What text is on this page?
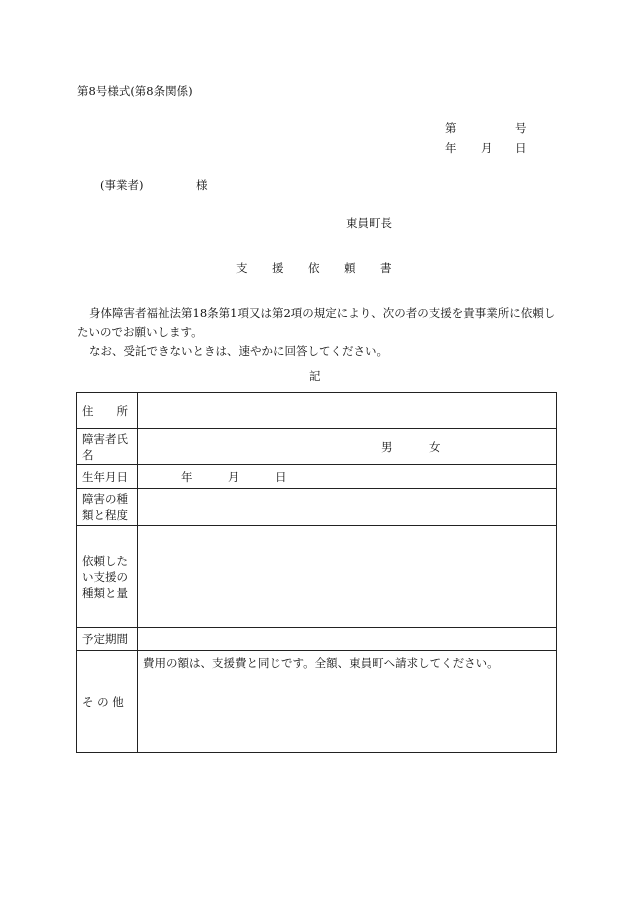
第8号様式(第8条関係)
第	号
年 月 日
(事業者)	様
東員町長
支 援 依 頼 書

身体障害者福祉法第18条第1項又は第2項の規定により、次の者の支援を貴事業所に依頼したいのでお願いします。

なお、受託できないときは、速やかに回答してください。

記
住　　所	
障害者氏名	男 女

生年月日	年 月 日

障害の種類と程度	
依頼したい支援の種類と量	
予定期間	
そ の 他	費用の額は、支援費と同じです。全額、東員町へ請求してください。
